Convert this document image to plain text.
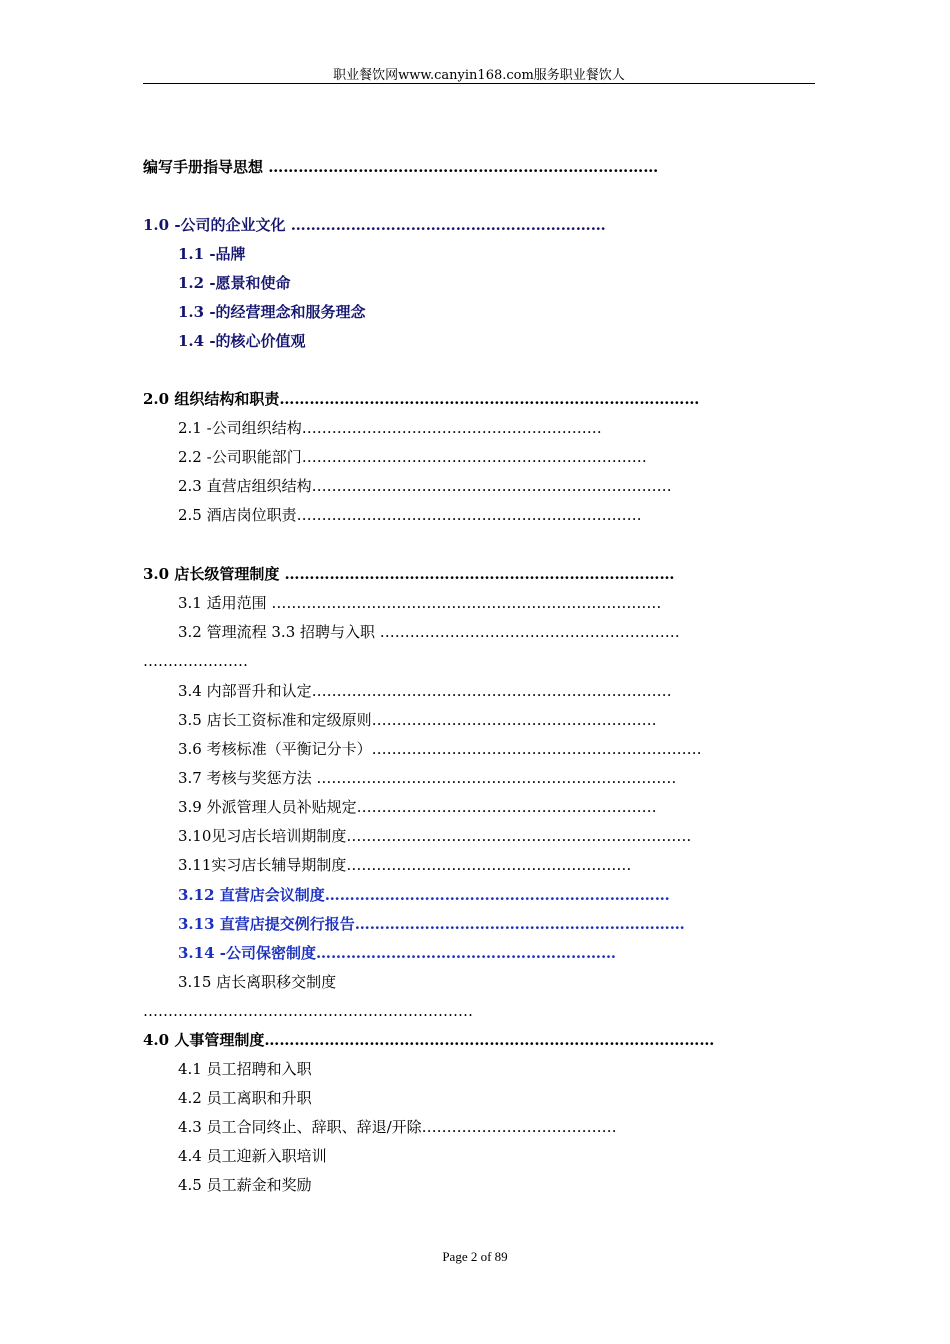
职业餐饮网www.canyin168.com服务职业餐饮人
编写手册指导思想 ……………………………………………………………………
1.0 -公司的企业文化 ………………………………………………………
1.1 -品牌
1.2 -愿景和使命
1.3 -的经营理念和服务理念
1.4 -的核心价值观
2.0 组织结构和职责…………………………………………………………………………
2.1 -公司组织结构……………………………………………………
2.2 -公司职能部门……………………………………………………………
2.3 直营店组织结构………………………………………………………………
2.5 酒店岗位职责……………………………………………………………
3.0 店长级管理制度 ……………………………………………………………………
3.1 适用范围 ……………………………………………………………………
3.2 管理流程 3.3 招聘与入职 ……………………………………………………
…………………
3.4 内部晋升和认定………………………………………………………………
3.5 店长工资标准和定级原则…………………………………………………
3.6 考核标准（平衡记分卡）…………………………………………………………
3.7 考核与奖惩方法 ………………………………………………………………
3.9 外派管理人员补贴规定……………………………………………………
3.10见习店长培训期制度……………………………………………………………
3.11实习店长辅导期制度…………………………………………………
3.12 直营店会议制度……………………………………………………………
3.13 直营店提交例行报告…………………………………………………………
3.14 -公司保密制度……………………………………………………
3.15 店长离职移交制度
…………………………………………………………
4.0 人事管理制度………………………………………………………………………………
4.1 员工招聘和入职
4.2 员工离职和升职
4.3 员工合同终止、辞职、辞退/开除…………………………………
4.4 员工迎新入职培训
4.5 员工薪金和奖励
Page 2 of 89
